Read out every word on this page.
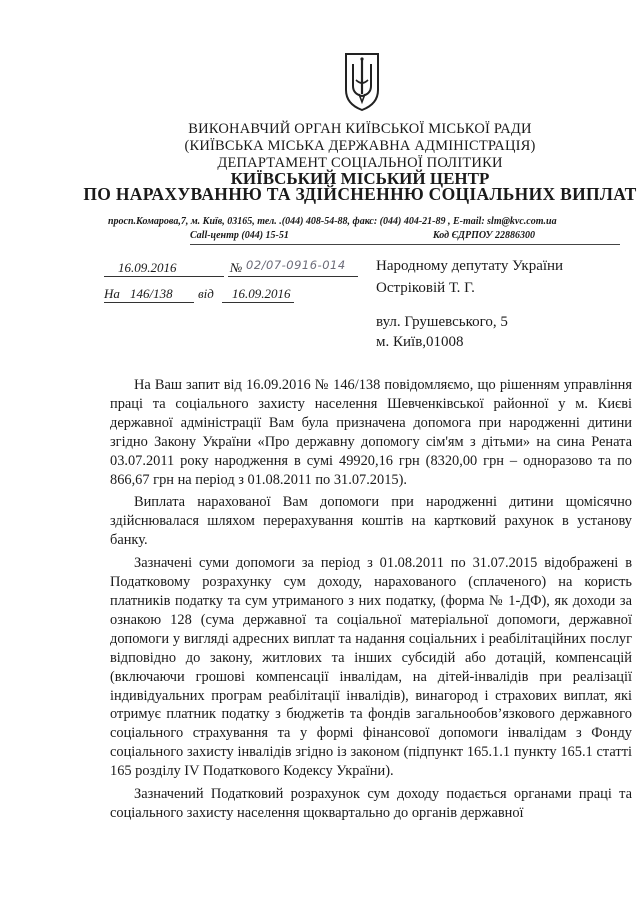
ВИКОНАВЧИЙ ОРГАН КИЇВСЬКОЇ МІСЬКОЇ РАДИ
(КИЇВСЬКА МІСЬКА ДЕРЖАВНА АДМІНІСТРАЦІЯ)
ДЕПАРТАМЕНТ СОЦІАЛЬНОЇ ПОЛІТИКИ
КИЇВСЬКИЙ МІСЬКИЙ ЦЕНТР
ПО НАРАХУВАННЮ ТА ЗДІЙСНЕННЮ СОЦІАЛЬНИХ ВИПЛАТ
просп.Комарова,7, м. Київ, 03165, тел. .(044) 408-54-88, факс: (044) 404-21-89 , E-mail: slm@kvc.com.ua
Call-центр (044) 15-51	Код ЄДРПОУ 22886300
16.09.2016	№ 02/07-0916-014
На 146/138 від 16.09.2016
Народному депутату України
Остріковій Т. Г.
вул. Грушевського, 5
м. Київ,01008

На Ваш запит від 16.09.2016 № 146/138 повідомляємо, що рішенням управління праці та соціального захисту населення Шевченківської районної у м. Києві державної адміністрації Вам була призначена допомога при народженні дитини згідно Закону України «Про державну допомогу сім'ям з дітьми» на сина Рената 03.07.2011 року народження в сумі 49920,16 грн (8320,00 грн – одноразово та по 866,67 грн на період з 01.08.2011 по 31.07.2015).

Виплата нарахованої Вам допомоги при народженні дитини щомісячно здійснювалася шляхом перерахування коштів на картковий рахунок в установу банку.

Зазначені суми допомоги за період з 01.08.2011 по 31.07.2015 відображені в Податковому розрахунку сум доходу, нарахованого (сплаченого) на користь платників податку та сум утриманого з них податку, (форма № 1-ДФ), як доходи за ознакою 128 (сума державної та соціальної матеріальної допомоги, державної допомоги у вигляді адресних виплат та надання соціальних і реабілітаційних послуг відповідно до закону, житлових та інших субсидій або дотацій, компенсацій (включаючи грошові компенсації інвалідам, на дітей-інвалідів при реалізації індивідуальних програм реабілітації інвалідів), винагород і страхових виплат, які отримує платник податку з бюджетів та фондів загальнообов’язкового державного соціального страхування та у формі фінансової допомоги інвалідам з Фонду соціального захисту інвалідів згідно із законом (підпункт 165.1.1 пункту 165.1 статті 165 розділу IV Податкового Кодексу України).

Зазначений Податковий розрахунок сум доходу подається органами праці та соціального захисту населення щоквартально до органів державної
